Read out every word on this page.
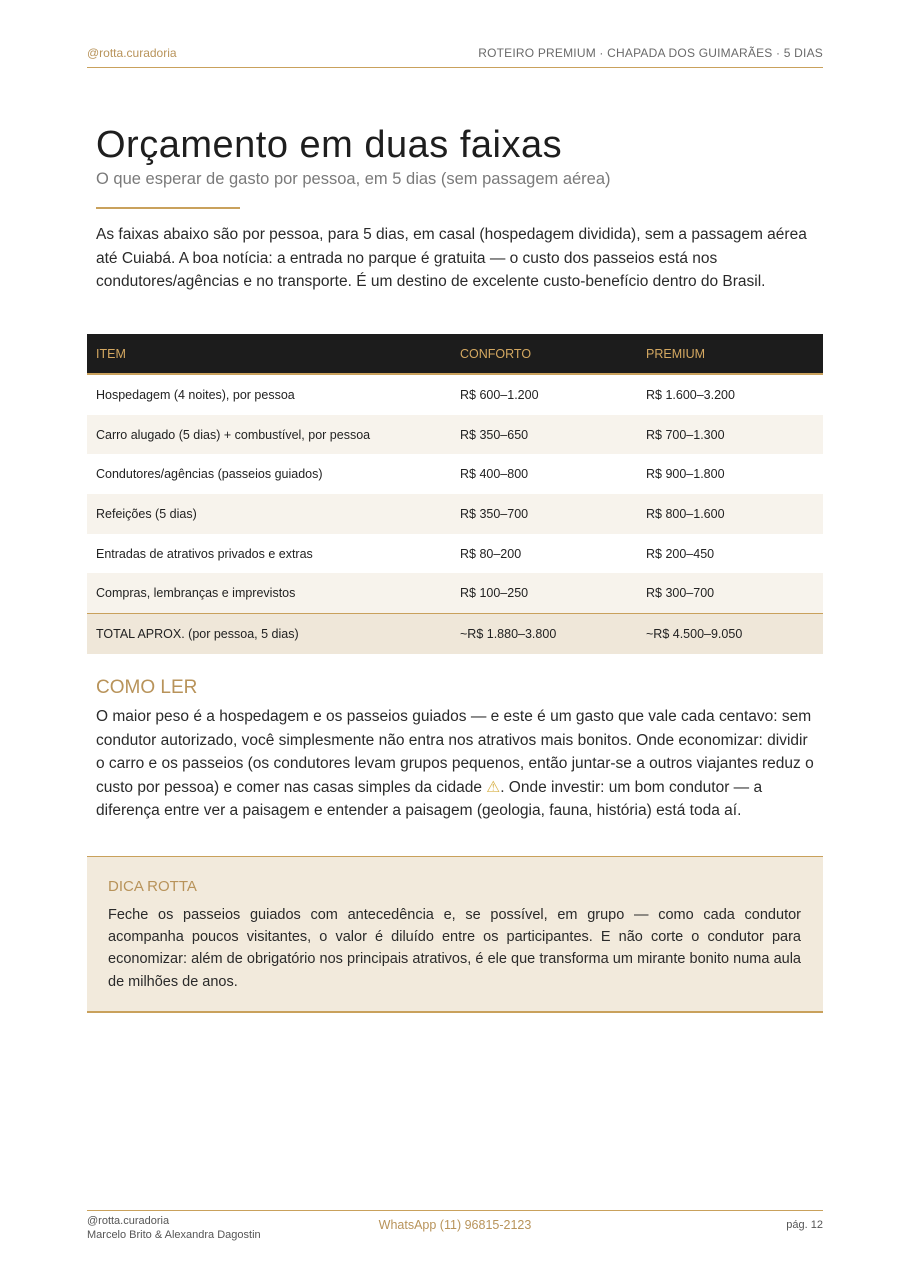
@rotta.curadoria	ROTEIRO PREMIUM · CHAPADA DOS GUIMARÃES · 5 DIAS
Orçamento em duas faixas
O que esperar de gasto por pessoa, em 5 dias (sem passagem aérea)
As faixas abaixo são por pessoa, para 5 dias, em casal (hospedagem dividida), sem a passagem aérea até Cuiabá. A boa notícia: a entrada no parque é gratuita — o custo dos passeios está nos condutores/agências e no transporte. É um destino de excelente custo-benefício dentro do Brasil.
ITEM	CONFORTO	PREMIUM
Hospedagem (4 noites), por pessoa	R$ 600–1.200	R$ 1.600–3.200
Carro alugado (5 dias) + combustível, por pessoa	R$ 350–650	R$ 700–1.300
Condutores/agências (passeios guiados)	R$ 400–800	R$ 900–1.800
Refeições (5 dias)	R$ 350–700	R$ 800–1.600
Entradas de atrativos privados e extras	R$ 80–200	R$ 200–450
Compras, lembranças e imprevistos	R$ 100–250	R$ 300–700
TOTAL APROX. (por pessoa, 5 dias)	~R$ 1.880–3.800	~R$ 4.500–9.050
COMO LER
O maior peso é a hospedagem e os passeios guiados — e este é um gasto que vale cada centavo: sem condutor autorizado, você simplesmente não entra nos atrativos mais bonitos. Onde economizar: dividir o carro e os passeios (os condutores levam grupos pequenos, então juntar-se a outros viajantes reduz o custo por pessoa) e comer nas casas simples da cidade ⚠. Onde investir: um bom condutor — a diferença entre ver a paisagem e entender a paisagem (geologia, fauna, história) está toda aí.
DICA ROTTA
Feche os passeios guiados com antecedência e, se possível, em grupo — como cada condutor acompanha poucos visitantes, o valor é diluído entre os participantes. E não corte o condutor para economizar: além de obrigatório nos principais atrativos, é ele que transforma um mirante bonito numa aula de milhões de anos.
@rotta.curadoria
Marcelo Brito & Alexandra Dagostin
WhatsApp (11) 96815-2123	pág. 12
